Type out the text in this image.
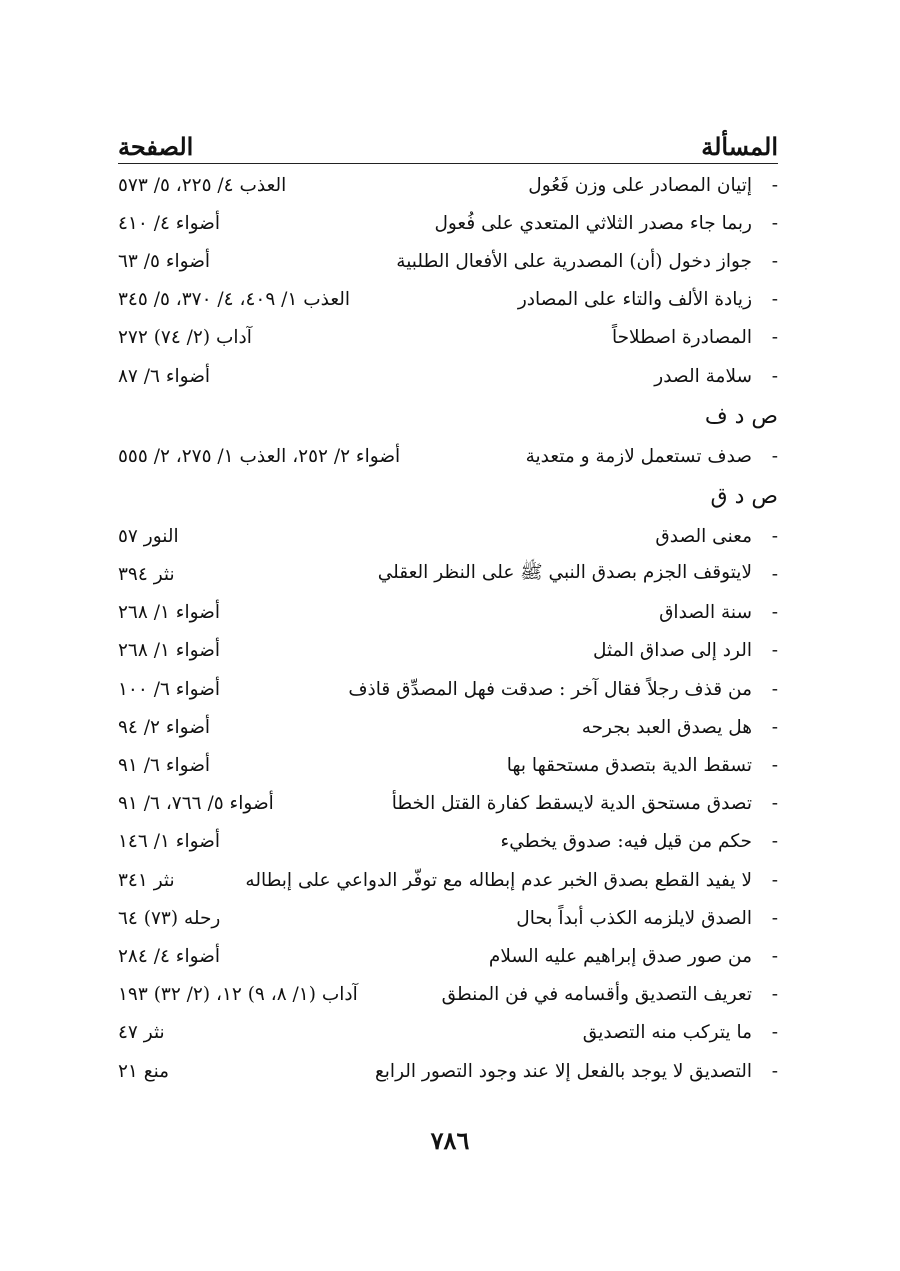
المسألة
الصفحة
-
إتيان المصادر على وزن فَعُول
العذب ٤/ ٢٢٥، ٥/ ٥٧٣
-
ربما جاء مصدر الثلاثي المتعدي على فُعول
أضواء ٤/ ٤١٠
-
جواز دخول (أن) المصدرية على الأفعال الطلبية
أضواء ٥/ ٦٣
-
زيادة الألف والتاء على المصادر
العذب ١/ ٤٠٩، ٤/ ٣٧٠، ٥/ ٣٤٥
-
المصادرة اصطلاحاً
آداب (٢/ ٧٤) ٢٧٢
-
سلامة الصدر
أضواء ٦/ ٨٧
ص د ف
-
صدف تستعمل لازمة و متعدية
أضواء ٢/ ٢٥٢، العذب ١/ ٢٧٥، ٢/ ٥٥٥
ص د ق
-
معنى الصدق
النور ٥٧
-
لايتوقف الجزم بصدق النبي ﷺ على النظر العقلي
نثر ٣٩٤
-
سنة الصداق
أضواء ١/ ٢٦٨
-
الرد إلى صداق المثل
أضواء ١/ ٢٦٨
-
من قذف رجلاً فقال آخر : صدقت فهل المصدِّق قاذف
أضواء ٦/ ١٠٠
-
هل يصدق العبد بجرحه
أضواء ٢/ ٩٤
-
تسقط الدية بتصدق مستحقها بها
أضواء ٦/ ٩١
-
تصدق مستحق الدية لايسقط كفارة القتل الخطأ
أضواء ٥/ ٧٦٦، ٦/ ٩١
-
حكم من قيل فيه: صدوق يخطيء
أضواء ١/ ١٤٦
-
لا يفيد القطع بصدق الخبر عدم إبطاله مع توفّر الدواعي على إبطاله
نثر ٣٤١
-
الصدق لايلزمه الكذب أبداً بحال
رحله (٧٣) ٦٤
-
من صور صدق إبراهيم عليه السلام
أضواء ٤/ ٢٨٤
-
تعريف التصديق وأقسامه في فن المنطق
آداب (١/ ٨، ٩) ١٢، (٢/ ٣٢) ١٩٣
-
ما يتركب منه التصديق
نثر ٤٧
-
التصديق لا يوجد بالفعل إلا عند وجود التصور الرابع
منع ٢١
٧٨٦
